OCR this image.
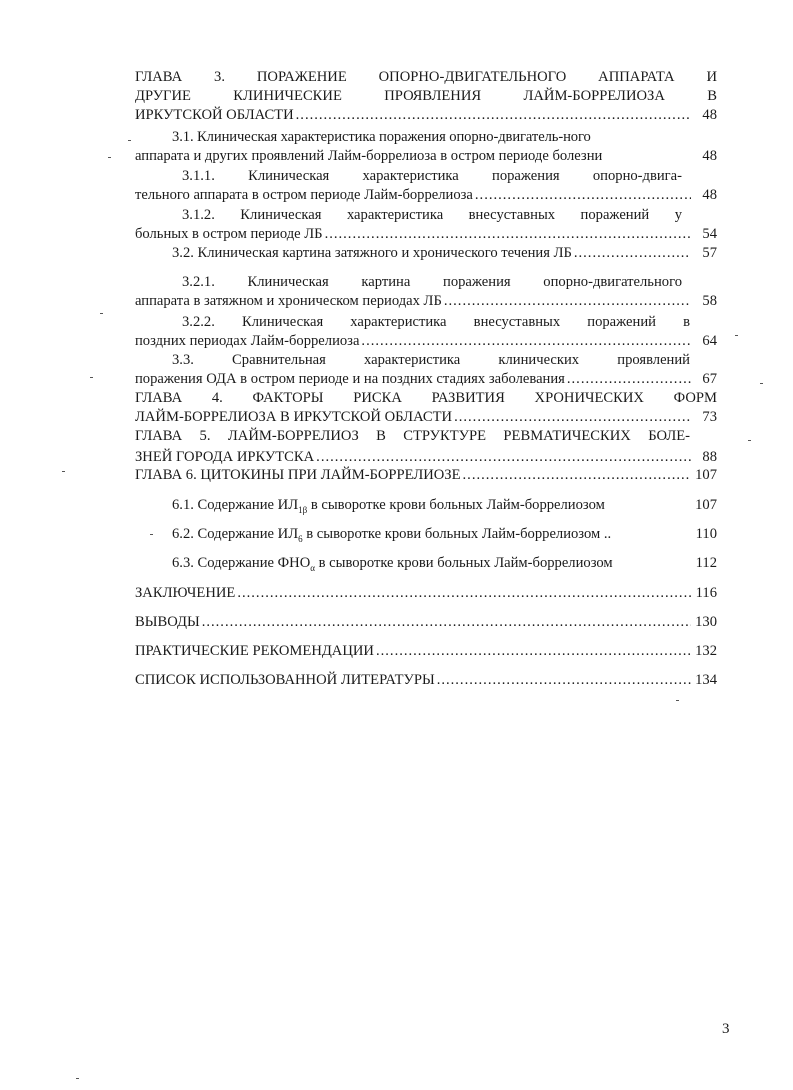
ГЛАВА 3. ПОРАЖЕНИЕ ОПОРНО-ДВИГАТЕЛЬНОГО АППАРАТА И
ДРУГИЕ КЛИНИЧЕСКИЕ ПРОЯВЛЕНИЯ ЛАЙМ-БОРРЕЛИОЗА В
ИРКУТСКОЙ ОБЛАСТИ .....	48
3.1. Клиническая характеристика поражения опорно-двигатель-ного
аппарата и других проявлений Лайм-боррелиоза в остром периоде болезни	48
3.1.1. Клиническая характеристика поражения опорно-двига-
тельного аппарата в остром периоде Лайм-боррелиоза .....	48
3.1.2. Клиническая характеристика внесуставных поражений у
больных в остром периоде ЛБ .....	54
3.2. Клиническая картина затяжного и хронического течения ЛБ .....	57
3.2.1. Клиническая картина поражения опорно-двигательного
аппарата в затяжном и хроническом периодах ЛБ .....	58
3.2.2. Клиническая характеристика внесуставных поражений в
поздних периодах Лайм-боррелиоза .....	64
3.3. Сравнительная характеристика клинических проявлений
поражения ОДА в остром периоде и на поздних стадиях заболевания .....	67
ГЛАВА 4. ФАКТОРЫ РИСКА РАЗВИТИЯ ХРОНИЧЕСКИХ ФОРМ
ЛАЙМ-БОРРЕЛИОЗА В ИРКУТСКОЙ ОБЛАСТИ .....	73
ГЛАВА 5. ЛАЙМ-БОРРЕЛИОЗ В СТРУКТУРЕ РЕВМАТИЧЕСКИХ БОЛЕ-
ЗНЕЙ ГОРОДА ИРКУТСКА .....	88
ГЛАВА 6. ЦИТОКИНЫ ПРИ ЛАЙМ-БОРРЕЛИОЗЕ .....	107
6.1. Содержание $ИЛ_{1\beta}$ в сыворотке крови больных Лайм-боррелиозом	107
6.2. Содержание $ИЛ_6$ в сыворотке крови больных Лайм-боррелиозом ..	110
6.3. Содержание $ФНО_\alpha$ в сыворотке крови больных Лайм-боррелиозом	112
ЗАКЛЮЧЕНИЕ .....	116
ВЫВОДЫ .....	130
ПРАКТИЧЕСКИЕ РЕКОМЕНДАЦИИ .....	132
СПИСОК ИСПОЛЬЗОВАННОЙ ЛИТЕРАТУРЫ .....	134
3
